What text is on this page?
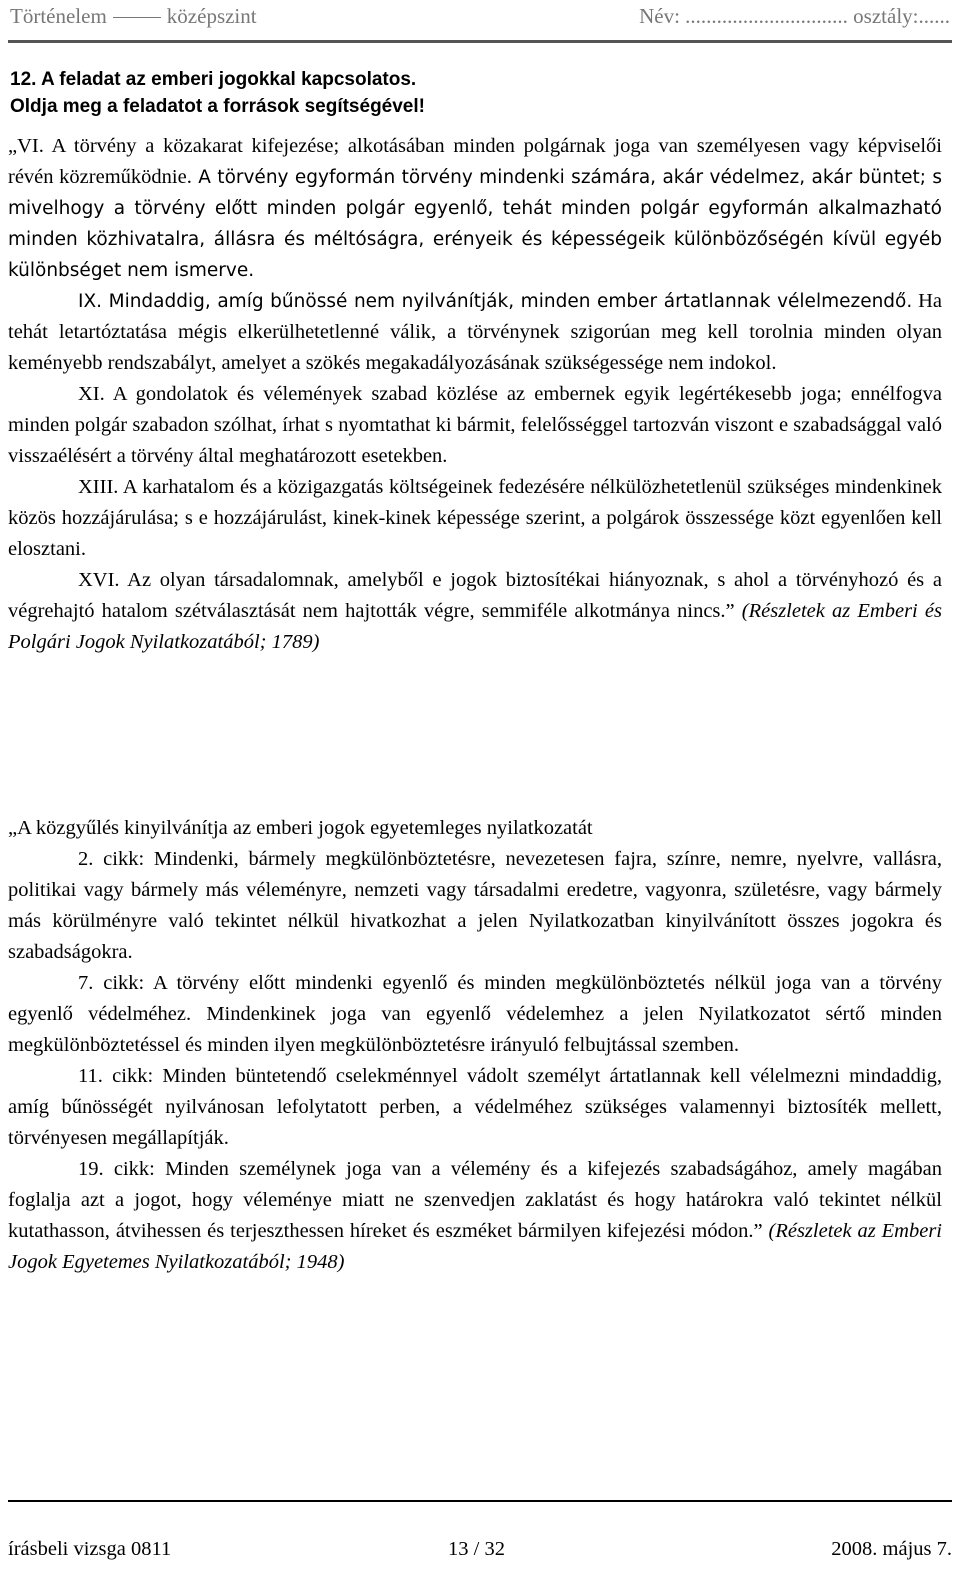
Történelem	középszint	Név: ............................... osztály:......
12. A feladat az emberi jogokkal kapcsolatos.
Oldja meg a feladatot a források segítségével!

„VI. A törvény a közakarat kifejezése; alkotásában minden polgárnak joga van személyesen vagy képviselői révén közreműködnie. A törvény egyformán törvény mindenki számára, akár védelmez, akár büntet; s mivelhogy a törvény előtt minden polgár egyenlő, tehát minden polgár egyformán alkalmazható minden közhivatalra, állásra és méltóságra, erényeik és képességeik különbözőségén kívül egyéb különbséget nem ismerve.

IX. Mindaddig, amíg bűnössé nem nyilvánítják, minden ember ártatlannak vélelmezendő. Ha tehát letartóztatása mégis elkerülhetetlenné válik, a törvénynek szigorúan meg kell torolnia minden olyan keményebb rendszabályt, amelyet a szökés megakadályozásának szükségessége nem indokol.

XI. A gondolatok és vélemények szabad közlése az embernek egyik legértékesebb joga; ennélfogva minden polgár szabadon szólhat, írhat s nyomtathat ki bármit, felelősséggel tartozván viszont e szabadsággal való visszaélésért a törvény által meghatározott esetekben.

XIII. A karhatalom és a közigazgatás költségeinek fedezésére nélkülözhetetlenül szükséges mindenkinek közös hozzájárulása; s e hozzájárulást, kinek-kinek képessége szerint, a polgárok összessége közt egyenlően kell elosztani.

XVI. Az olyan társadalomnak, amelyből e jogok biztosítékai hiányoznak, s ahol a törvényhozó és a végrehajtó hatalom szétválasztását nem hajtották végre, semmiféle alkotmánya nincs.” (Részletek az Emberi és Polgári Jogok Nyilatkozatából; 1789)

„A közgyűlés kinyilvánítja az emberi jogok egyetemleges nyilatkozatát

2. cikk: Mindenki, bármely megkülönböztetésre, nevezetesen fajra, színre, nemre, nyelvre, vallásra, politikai vagy bármely más véleményre, nemzeti vagy társadalmi eredetre, vagyonra, születésre, vagy bármely más körülményre való tekintet nélkül hivatkozhat a jelen Nyilatkozatban kinyilvánított összes jogokra és szabadságokra.

7. cikk: A törvény előtt mindenki egyenlő és minden megkülönböztetés nélkül joga van a törvény egyenlő védelméhez. Mindenkinek joga van egyenlő védelemhez a jelen Nyilatkozatot sértő minden megkülönböztetéssel és minden ilyen megkülönböztetésre irányuló felbujtással szemben.

11. cikk: Minden büntetendő cselekménnyel vádolt személyt ártatlannak kell vélelmezni mindaddig, amíg bűnösségét nyilvánosan lefolytatott perben, a védelméhez szükséges valamennyi biztosíték mellett, törvényesen megállapítják.

19. cikk: Minden személynek joga van a vélemény és a kifejezés szabadságához, amely magában foglalja azt a jogot, hogy véleménye miatt ne szenvedjen zaklatást és hogy határokra való tekintet nélkül kutathasson, átvihessen és terjeszthessen híreket és eszméket bármilyen kifejezési módon.” (Részletek az Emberi Jogok Egyetemes Nyilatkozatából; 1948)

írásbeli vizsga 0811	13 / 32	2008. május 7.
